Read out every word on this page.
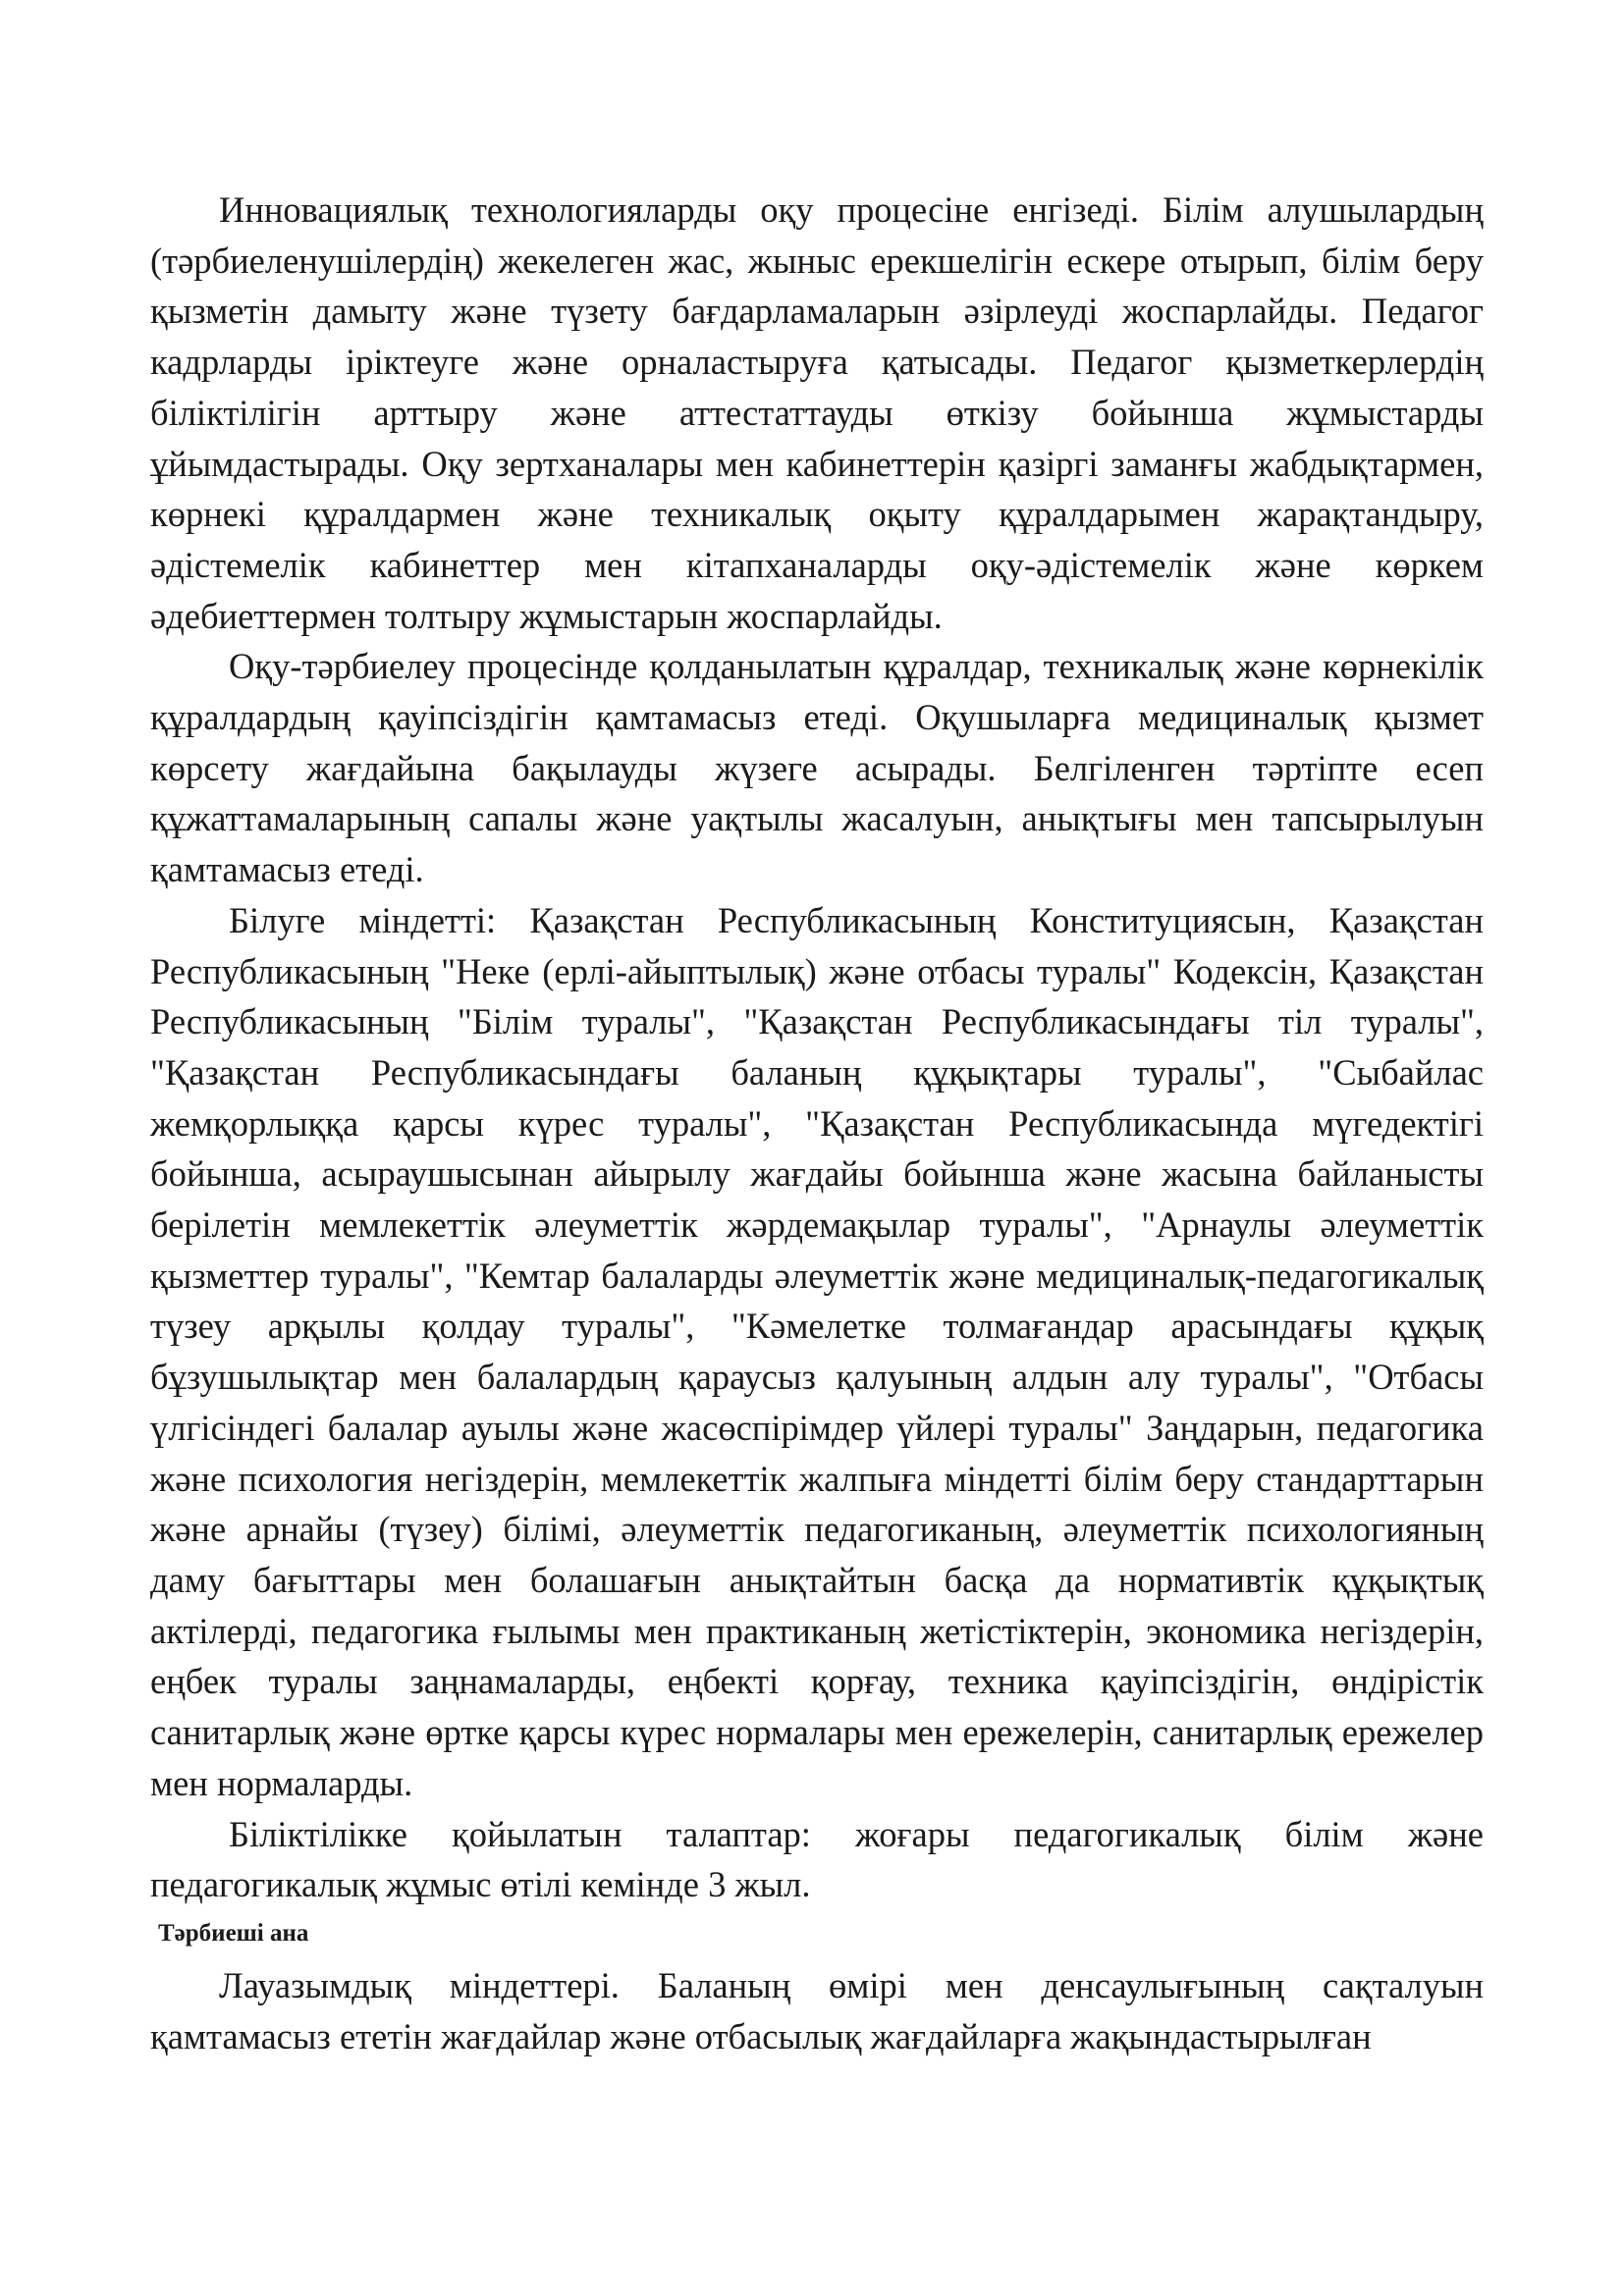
Инновациялық технологияларды оқу процесіне енгізеді. Білім алушылардың (тәрбиеленушілердің) жекелеген жас, жыныс ерекшелігін ескере отырып, білім беру қызметін дамыту және түзету бағдарламаларын әзірлеуді жоспарлайды. Педагог кадрларды іріктеуге және орналастыруға қатысады. Педагог қызметкерлердің біліктілігін арттыру және аттестаттауды өткізу бойынша жұмыстарды ұйымдастырады. Оқу зертханалары мен кабинеттерін қазіргі заманғы жабдықтармен, көрнекі құралдармен және техникалық оқыту құралдарымен жарақтандыру, әдістемелік кабинеттер мен кітапханаларды оқу-әдістемелік және көркем әдебиеттермен толтыру жұмыстарын жоспарлайды.

Оқу-тәрбиелеу процесінде қолданылатын құралдар, техникалық және көрнекілік құралдардың қауіпсіздігін қамтамасыз етеді. Оқушыларға медициналық қызмет көрсету жағдайына бақылауды жүзеге асырады. Белгіленген тәртіпте есеп құжаттамаларының сапалы және уақтылы жасалуын, анықтығы мен тапсырылуын қамтамасыз етеді.

Білуге міндетті: Қазақстан Республикасының Конституциясын, Қазақстан Республикасының "Неке (ерлі-айыптылық) және отбасы туралы" Кодексін, Қазақстан Республикасының "Білім туралы", "Қазақстан Республикасындағы тіл туралы", "Қазақстан Республикасындағы баланың құқықтары туралы", "Сыбайлас жемқорлыққа қарсы күрес туралы", "Қазақстан Республикасында мүгедектігі бойынша, асыраушысынан айырылу жағдайы бойынша және жасына байланысты берілетін мемлекеттік әлеуметтік жәрдемақылар туралы", "Арнаулы әлеуметтік қызметтер туралы", "Кемтар балаларды әлеуметтік және медициналық-педагогикалық түзеу арқылы қолдау туралы", "Кәмелетке толмағандар арасындағы құқық бұзушылықтар мен балалардың қараусыз қалуының алдын алу туралы", "Отбасы үлгісіндегі балалар ауылы және жасөспірімдер үйлері туралы" Заңдарын, педагогика және психология негіздерін, мемлекеттік жалпыға міндетті білім беру стандарттарын және арнайы (түзеу) білімі, әлеуметтік педагогиканың, әлеуметтік психологияның даму бағыттары мен болашағын анықтайтын басқа да нормативтік құқықтық актілерді, педагогика ғылымы мен практиканың жетістіктерін, экономика негіздерін, еңбек туралы заңнамаларды, еңбекті қорғау, техника қауіпсіздігін, өндірістік санитарлық және өртке қарсы күрес нормалары мен ережелерін, санитарлық ережелер мен нормаларды.

Біліктілікке қойылатын талаптар: жоғары педагогикалық білім және педагогикалық жұмыс өтілі кемінде 3 жыл.

Тәрбиеші ана

Лауазымдық міндеттері. Баланың өмірі мен денсаулығының сақталуын қамтамасыз ететін жағдайлар және отбасылық жағдайларға жақындастырылған
